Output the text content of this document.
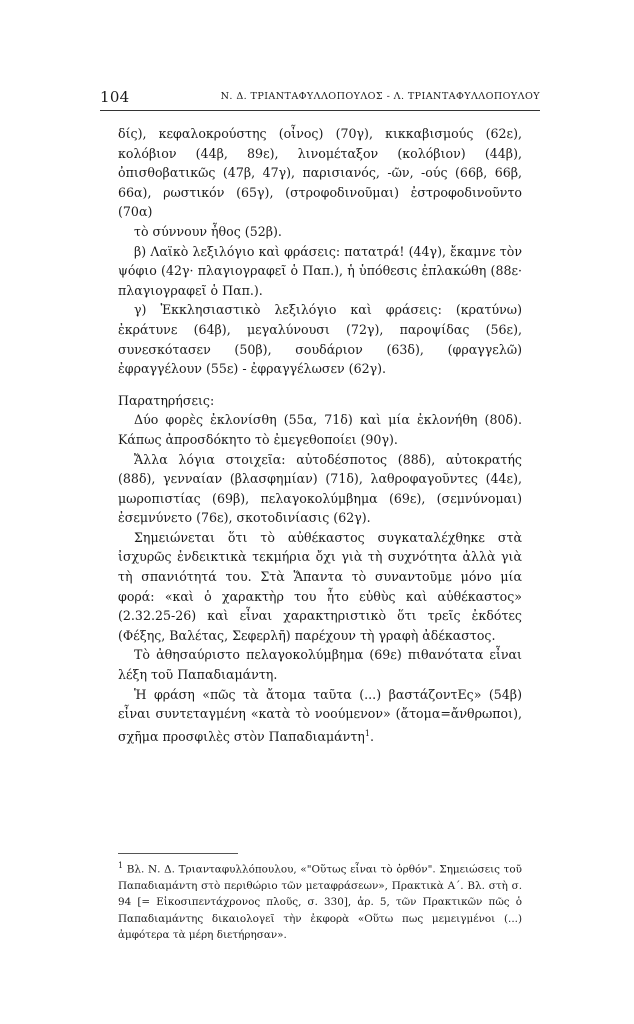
104	Ν. Δ. ΤΡΙΑΝΤΑΦΥΛΛΟΠΟΥΛΟΣ - Λ. ΤΡΙΑΝΤΑΦΥΛΛΟΠΟΥΛΟΥ

δίς), κεφαλοκρούστης (οἶνος) (70γ), κικκαβισμούς (62ε), κολόβιον (44β, 89ε), λινομέταξον (κολόβιον) (44β), ὀπισθοβατικῶς (47β, 47γ), παρισιανός, -ῶν, -ούς (66β, 66β, 66α), ρωστικόν (65γ), (στροφοδινοῦμαι) ἐστροφοδινοῦντο (70α)

τὸ σύννουν ἦθος (52β).

β) Λαϊκὸ λεξιλόγιο καὶ φράσεις: πατατρά! (44γ), ἔκαμνε τὸν ψόφιο (42γ· πλαγιογραφεῖ ὁ Παπ.), ἡ ὑπόθεσις ἐπλακώθη (88ε· πλαγιογραφεῖ ὁ Παπ.).

γ) Ἐκκλησιαστικὸ λεξιλόγιο καὶ φράσεις: (κρατύνω) ἐκράτυνε (64β), μεγαλύνουσι (72γ), παροψίδας (56ε), συνεσκότασεν (50β), σουδάριον (63δ), (φραγγελῶ) ἐφραγγέλουν (55ε) - ἐφραγγέλωσεν (62γ).

Παρατηρήσεις:

Δύο φορὲς ἐκλονίσθη (55α, 71δ) καὶ μία ἐκλονήθη (80δ). Κάπως ἀπροσδόκητο τὸ ἐμεγεθοποίει (90γ).

Ἄλλα λόγια στοιχεῖα: αὐτοδέσποτος (88δ), αὐτοκρατής (88δ), γενναίαν (βλασφημίαν) (71δ), λαθροφαγοῦντες (44ε), μωροπιστίας (69β), πελαγοκολύμβημα (69ε), (σεμνύνομαι) ἐσεμνύνετο (76ε), σκοτοδινίασις (62γ).

Σημειώνεται ὅτι τὸ αὐθέκαστος συγκαταλέχθηκε στὰ ἰσχυρῶς ἐνδεικτικὰ τεκμήρια ὄχι γιὰ τὴ συχνότητα ἀλλὰ γιὰ τὴ σπανιότητά του. Στὰ Ἅπαντα τὸ συναντοῦμε μόνο μία φορά: «καὶ ὁ χαρακτὴρ του ἦτο εὐθὺς καὶ αὐθέκαστος» (2.32.25-26) καὶ εἶναι χαρακτηριστικὸ ὅτι τρεῖς ἐκδότες (Φέξης, Βαλέτας, Σεφερλῆ) παρέχουν τὴ γραφὴ ἀδέκαστος.

Τὸ ἀθησαύριστο πελαγοκολύμβημα (69ε) πιθανότατα εἶναι λέξη τοῦ Παπαδιαμάντη.

Ἡ φράση «πῶς τὰ ἄτομα ταῦτα (...) βαστάζοντΕς» (54β) εἶναι συντεταγμένη «κατὰ τὸ νοούμενον» (ἄτομα=ἄνθρωποι), σχῆμα προσφιλὲς στὸν Παπαδιαμάντη$^1$.

$^1$ Βλ. Ν. Δ. Τριανταφυλλόπουλου, «"Οὕτως εἶναι τὸ ὀρθόν". Σημειώσεις τοῦ Παπαδιαμάντη στὸ περιθώριο τῶν μεταφράσεων», Πρακτικὰ Α΄. Βλ. στὴ σ. 94 [= Εἰκοσιπεντάχρονος πλοῦς, σ. 330], ἀρ. 5, τῶν Πρακτικῶν πῶς ὁ Παπαδιαμάντης δικαιολογεῖ τὴν ἐκφορὰ «Οὕτω πως μεμειγμένοι (...) ἀμφότερα τὰ μέρη διετήρησαν».
